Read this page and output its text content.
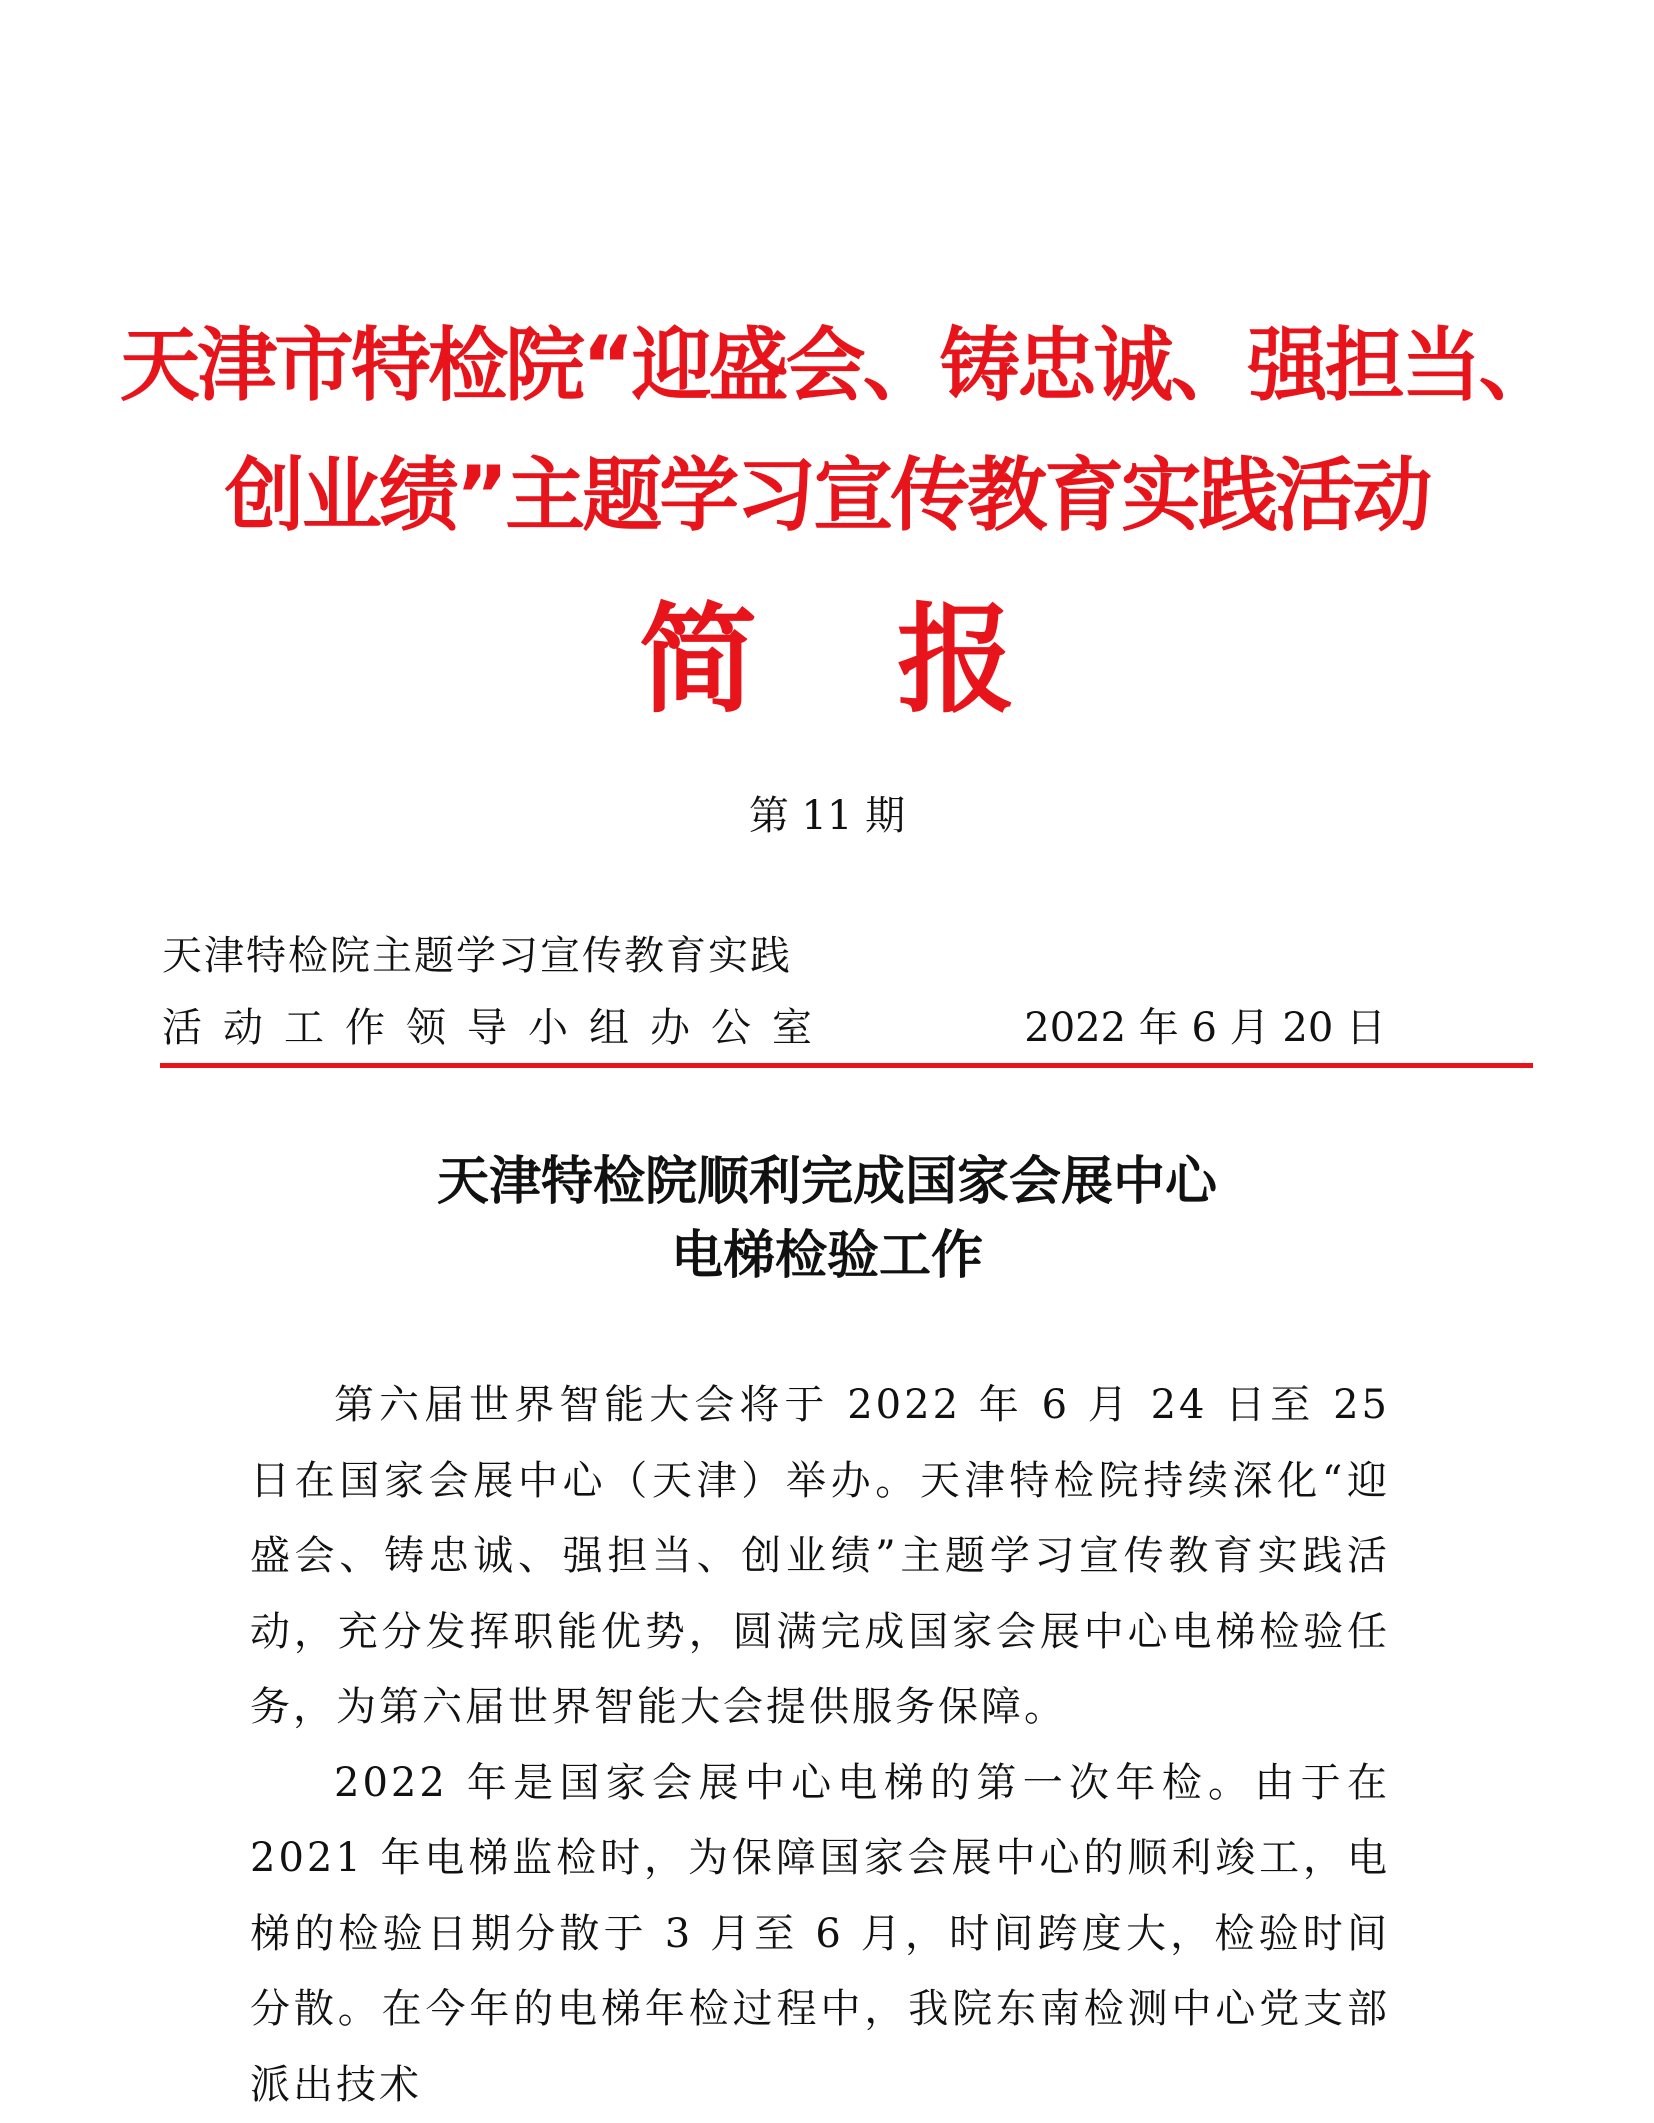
天津市特检院“迎盛会、铸忠诚、强担当、
创业绩”主题学习宣传教育实践活动
简报
第 11 期
天津特检院主题学习宣传教育实践
活动工作领导小组办公室	2022 年 6 月 20 日
天津特检院顺利完成国家会展中心
电梯检验工作

第六届世界智能大会将于 2022 年 6 月 24 日至 25 日在国家会展中心（天津）举办。天津特检院持续深化“迎盛会、铸忠诚、强担当、创业绩”主题学习宣传教育实践活动，充分发挥职能优势，圆满完成国家会展中心电梯检验任务，为第六届世界智能大会提供服务保障。

2022 年是国家会展中心电梯的第一次年检。由于在 2021 年电梯监检时，为保障国家会展中心的顺利竣工，电梯的检验日期分散于 3 月至 6 月，时间跨度大，检验时间分散。在今年的电梯年检过程中，我院东南检测中心党支部派出技术
